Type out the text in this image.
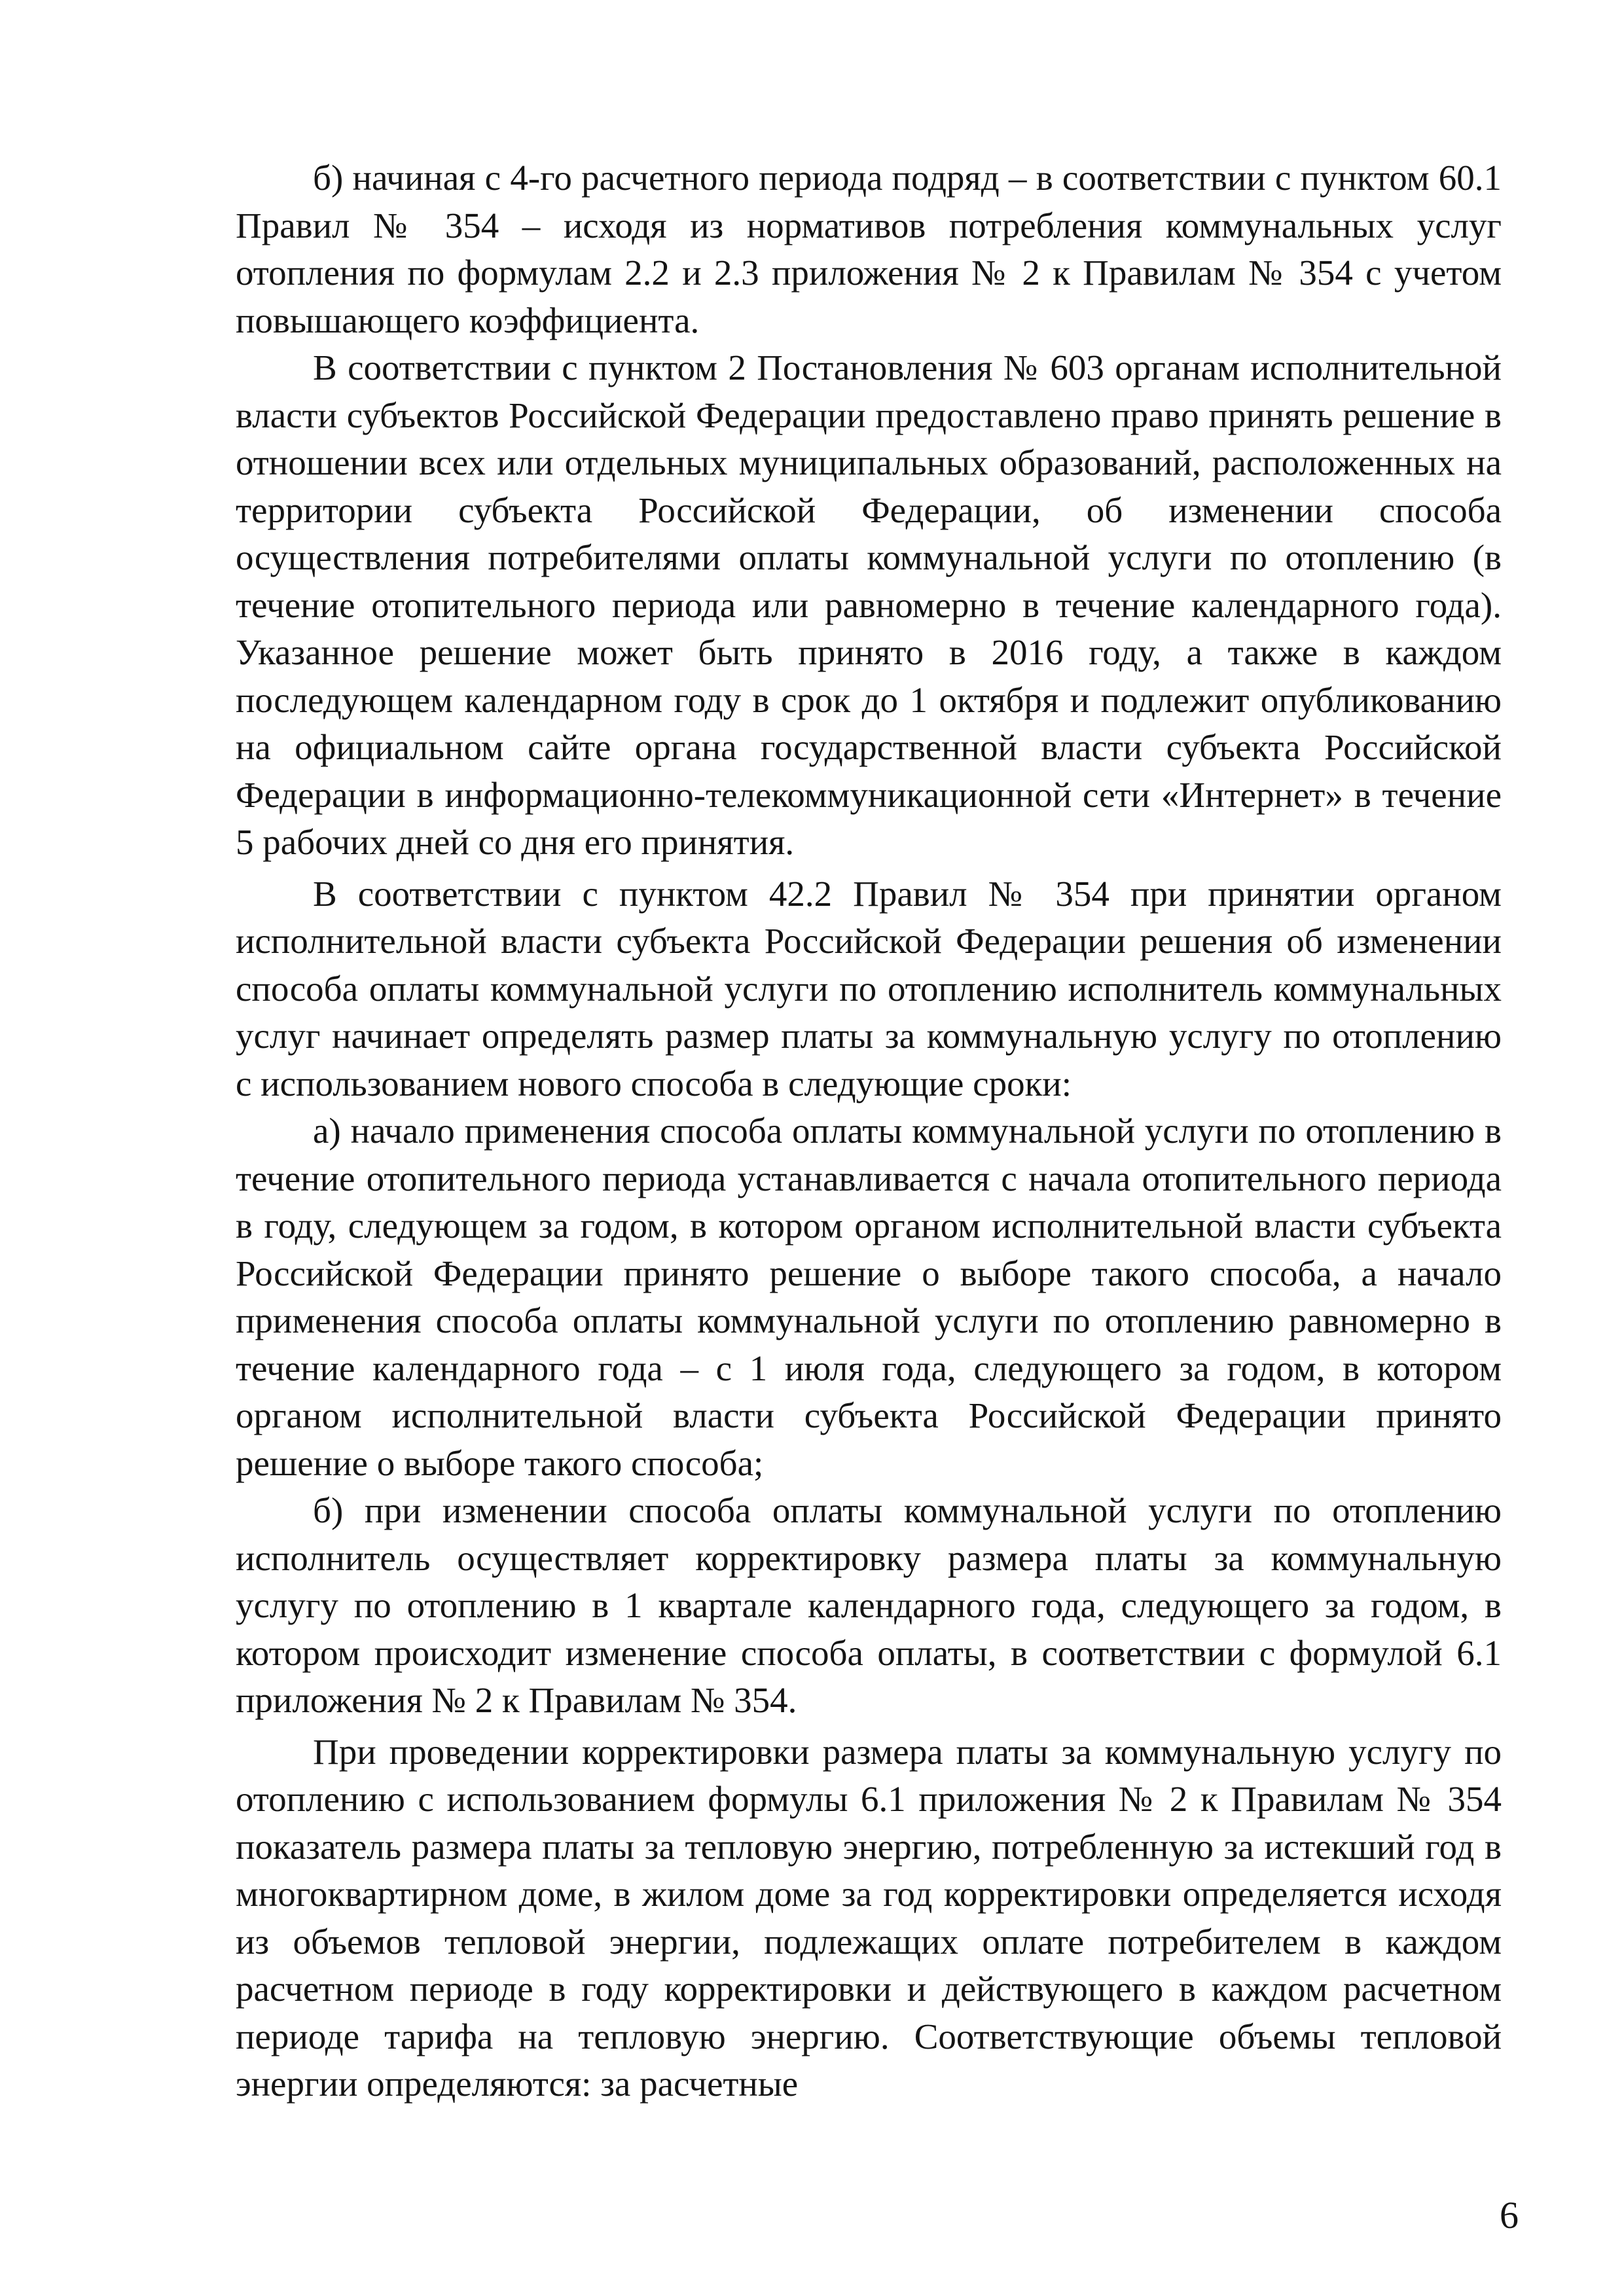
б) начиная с 4-го расчетного периода подряд – в соответствии с пунктом 60.1 Правил № 354 – исходя из нормативов потребления коммунальных услуг отопления по формулам 2.2 и 2.3 приложения № 2 к Правилам № 354 с учетом повышающего коэффициента.

В соответствии с пунктом 2 Постановления № 603 органам исполнительной власти субъектов Российской Федерации предоставлено право принять решение в отношении всех или отдельных муниципальных образований, расположенных на территории субъекта Российской Федерации, об изменении способа осуществления потребителями оплаты коммунальной услуги по отоплению (в течение отопительного периода или равномерно в течение календарного года). Указанное решение может быть принято в 2016 году, а также в каждом последующем календарном году в срок до 1 октября и подлежит опубликованию на официальном сайте органа государственной власти субъекта Российской Федерации в информационно-телекоммуникационной сети «Интернет» в течение 5 рабочих дней со дня его принятия.

В соответствии с пунктом 42.2 Правил № 354 при принятии органом исполнительной власти субъекта Российской Федерации решения об изменении способа оплаты коммунальной услуги по отоплению исполнитель коммунальных услуг начинает определять размер платы за коммунальную услугу по отоплению с использованием нового способа в следующие сроки:

а) начало применения способа оплаты коммунальной услуги по отоплению в течение отопительного периода устанавливается с начала отопительного периода в году, следующем за годом, в котором органом исполнительной власти субъекта Российской Федерации принято решение о выборе такого способа, а начало применения способа оплаты коммунальной услуги по отоплению равномерно в течение календарного года – с 1 июля года, следующего за годом, в котором органом исполнительной власти субъекта Российской Федерации принято решение о выборе такого способа;

б) при изменении способа оплаты коммунальной услуги по отоплению исполнитель осуществляет корректировку размера платы за коммунальную услугу по отоплению в 1 квартале календарного года, следующего за годом, в котором происходит изменение способа оплаты, в соответствии с формулой 6.1 приложения № 2 к Правилам № 354.

При проведении корректировки размера платы за коммунальную услугу по отоплению с использованием формулы 6.1 приложения № 2 к Правилам № 354 показатель размера платы за тепловую энергию, потребленную за истекший год в многоквартирном доме, в жилом доме за год корректировки определяется исходя из объемов тепловой энергии, подлежащих оплате потребителем в каждом расчетном периоде в году корректировки и действующего в каждом расчетном периоде тарифа на тепловую энергию. Соответствующие объемы тепловой энергии определяются: за расчетные

6
